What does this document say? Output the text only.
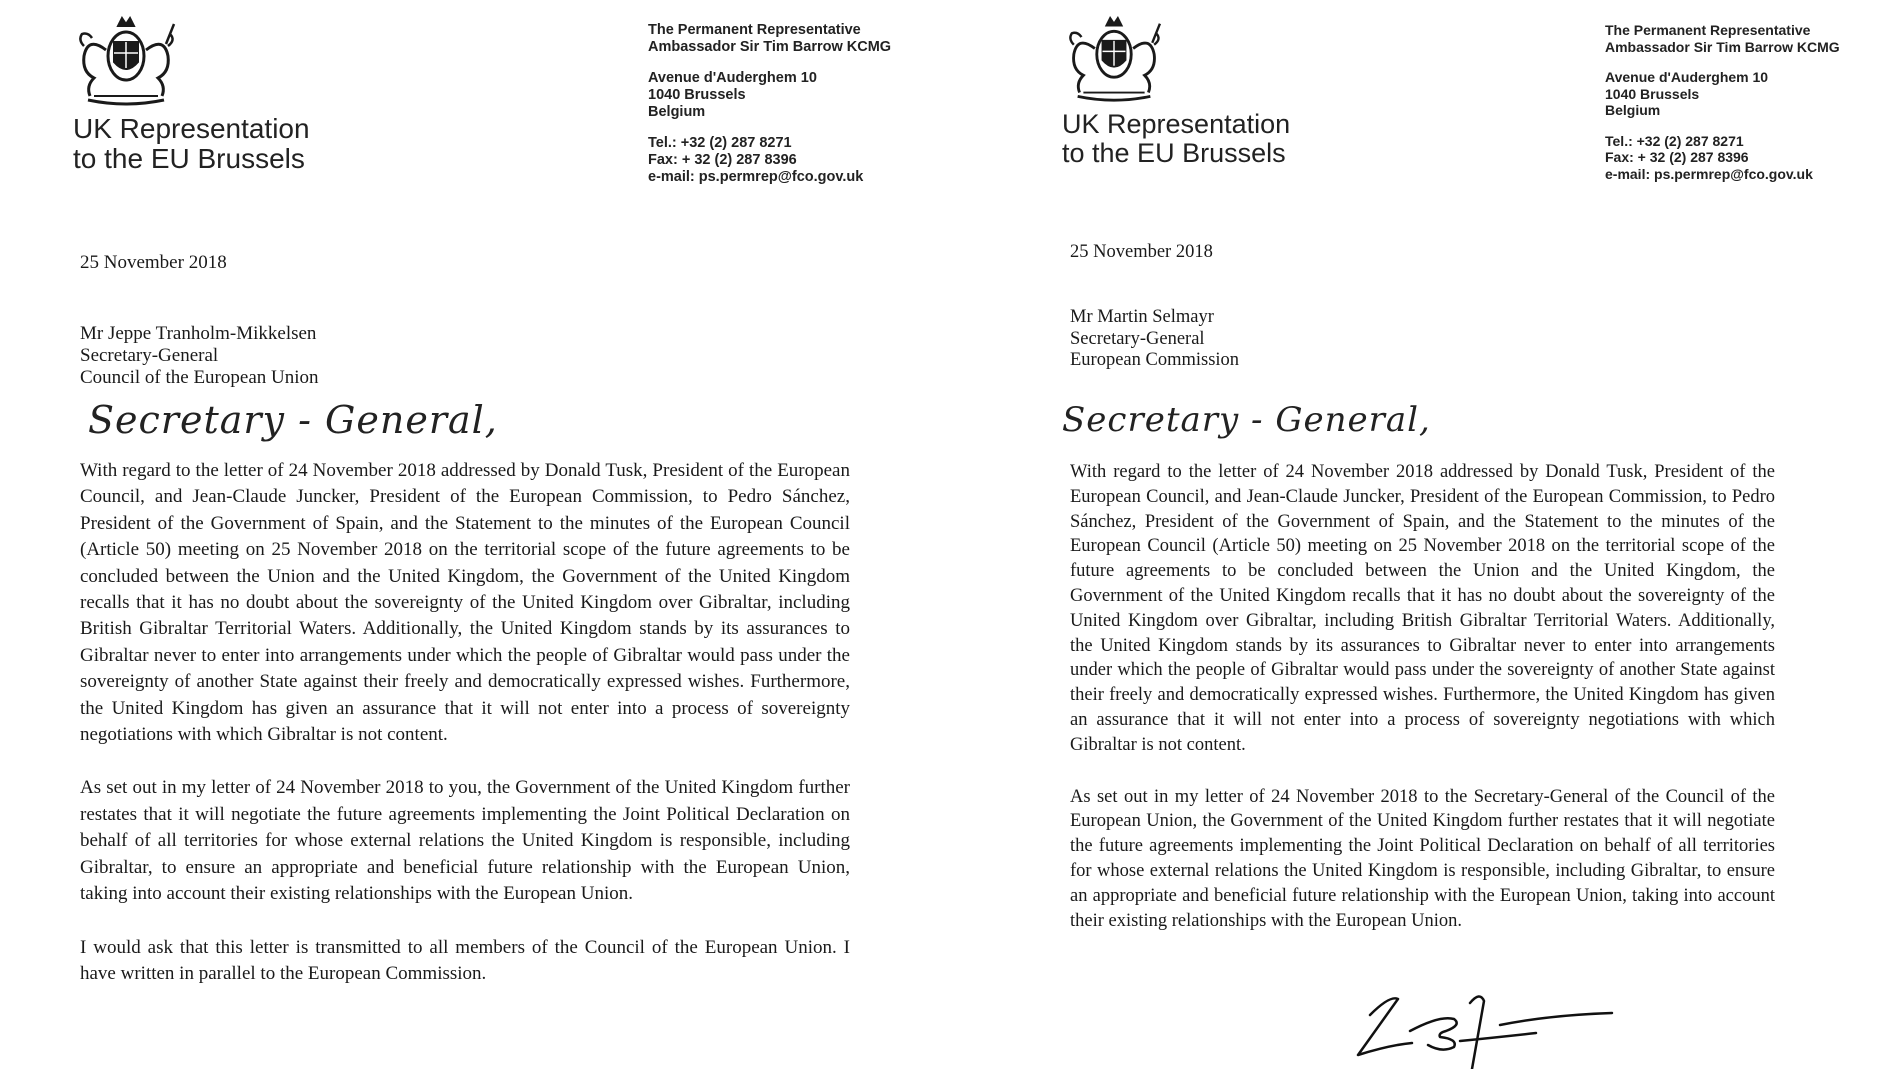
UK Representation
to the EU Brussels
The Permanent Representative
Ambassador Sir Tim Barrow KCMG
Avenue d'Auderghem 10
1040 Brussels
Belgium
Tel.: +32 (2) 287 8271
Fax: + 32 (2) 287 8396
e-mail: ps.permrep@fco.gov.uk
25 November 2018
Mr Jeppe Tranholm-Mikkelsen
Secretary-General
Council of the European Union
Secretary - General,

With regard to the letter of 24 November 2018 addressed by Donald Tusk, President of the European Council, and Jean-Claude Juncker, President of the European Commission, to Pedro Sánchez, President of the Government of Spain, and the Statement to the minutes of the European Council (Article 50) meeting on 25 November 2018 on the territorial scope of the future agreements to be concluded between the Union and the United Kingdom, the Government of the United Kingdom recalls that it has no doubt about the sovereignty of the United Kingdom over Gibraltar, including British Gibraltar Territorial Waters. Additionally, the United Kingdom stands by its assurances to Gibraltar never to enter into arrangements under which the people of Gibraltar would pass under the sovereignty of another State against their freely and democratically expressed wishes. Furthermore, the United Kingdom has given an assurance that it will not enter into a process of sovereignty negotiations with which Gibraltar is not content.

As set out in my letter of 24 November 2018 to you, the Government of the United Kingdom further restates that it will negotiate the future agreements implementing the Joint Political Declaration on behalf of all territories for whose external relations the United Kingdom is responsible, including Gibraltar, to ensure an appropriate and beneficial future relationship with the European Union, taking into account their existing relationships with the European Union.

I would ask that this letter is transmitted to all members of the Council of the European Union. I have written in parallel to the European Commission.

UK Representation
to the EU Brussels
The Permanent Representative
Ambassador Sir Tim Barrow KCMG
Avenue d'Auderghem 10
1040 Brussels
Belgium
Tel.: +32 (2) 287 8271
Fax: + 32 (2) 287 8396
e-mail: ps.permrep@fco.gov.uk
25 November 2018
Mr Martin Selmayr
Secretary-General
European Commission
Secretary - General,

With regard to the letter of 24 November 2018 addressed by Donald Tusk, President of the European Council, and Jean-Claude Juncker, President of the European Commission, to Pedro Sánchez, President of the Government of Spain, and the Statement to the minutes of the European Council (Article 50) meeting on 25 November 2018 on the territorial scope of the future agreements to be concluded between the Union and the United Kingdom, the Government of the United Kingdom recalls that it has no doubt about the sovereignty of the United Kingdom over Gibraltar, including British Gibraltar Territorial Waters. Additionally, the United Kingdom stands by its assurances to Gibraltar never to enter into arrangements under which the people of Gibraltar would pass under the sovereignty of another State against their freely and democratically expressed wishes. Furthermore, the United Kingdom has given an assurance that it will not enter into a process of sovereignty negotiations with which Gibraltar is not content.

As set out in my letter of 24 November 2018 to the Secretary-General of the Council of the European Union, the Government of the United Kingdom further restates that it will negotiate the future agreements implementing the Joint Political Declaration on behalf of all territories for whose external relations the United Kingdom is responsible, including Gibraltar, to ensure an appropriate and beneficial future relationship with the European Union, taking into account their existing relationships with the European Union.
